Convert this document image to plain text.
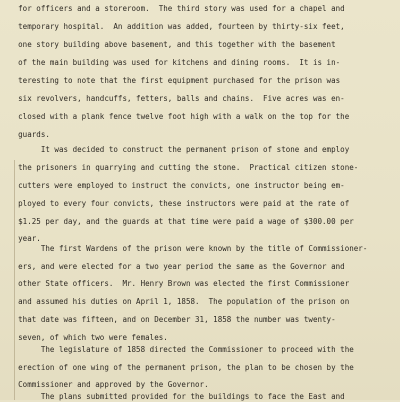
for officers and a storeroom.  The third story was used for a chapel and
temporary hospital.  An addition was added, fourteen by thirty-six feet,
one story building above basement, and this together with the basement
of the main building was used for kitchens and dining rooms.  It is in-
teresting to note that the first equipment purchased for the prison was
six revolvers, handcuffs, fetters, balls and chains.  Five acres was en-
closed with a plank fence twelve foot high with a walk on the top for the
guards.
It was decided to construct the permanent prison of stone and employ
the prisoners in quarrying and cutting the stone.  Practical citizen stone-
cutters were employed to instruct the convicts, one instructor being em-
ployed to every four convicts, these instructors were paid at the rate of
$1.25 per day, and the guards at that time were paid a wage of $300.00 per
year.
The first Wardens of the prison were known by the title of Commissioner-
ers, and were elected for a two year period the same as the Governor and
other State officers.  Mr. Henry Brown was elected the first Commissioner
and assumed his duties on April 1, 1858.  The population of the prison on
that date was fifteen, and on December 31, 1858 the number was twenty-
seven, of which two were females.
The legislature of 1858 directed the Commissioner to proceed with the
erection of one wing of the permanent prison, the plan to be chosen by the
Commissioner and approved by the Governor.
The plans submitted provided for the buildings to face the East and
